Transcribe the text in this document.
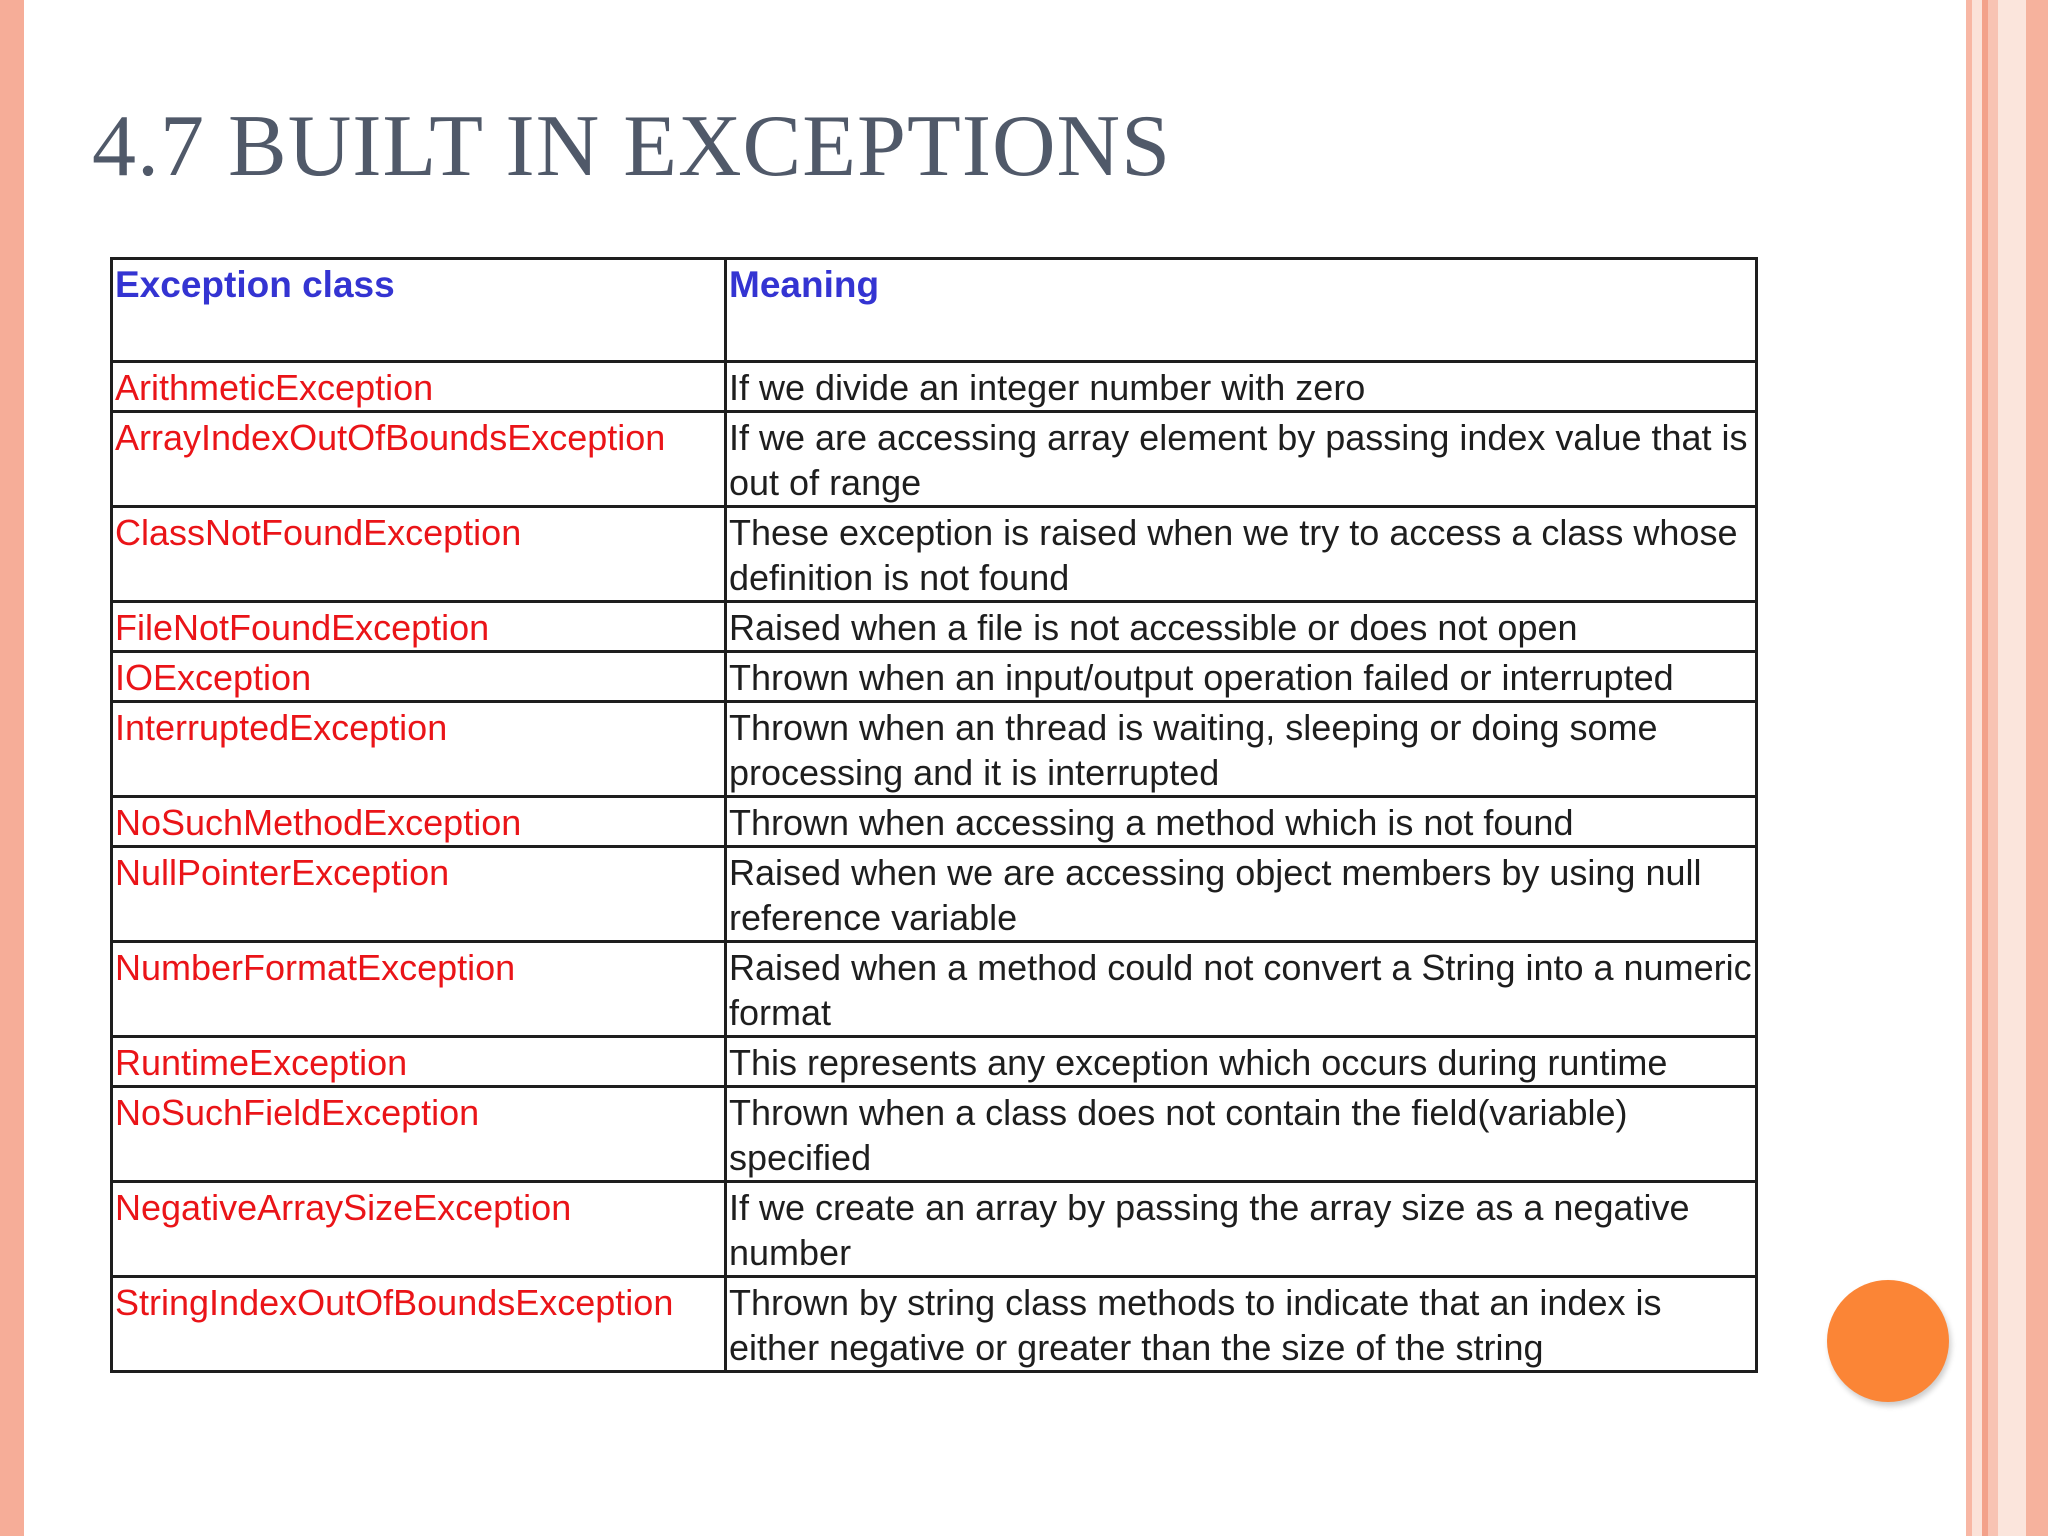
4.7 BUILT IN EXCEPTIONS
Exception class	Meaning
ArithmeticException	If we divide an integer number with zero
ArrayIndexOutOfBoundsException	If we are accessing array element by passing index value that is out of range
ClassNotFoundException	These exception is raised when we try to access a class whose definition is not found
FileNotFoundException	Raised when a file is not accessible or does not open
IOException	Thrown when an input/output operation failed or interrupted
InterruptedException	Thrown when an thread is waiting, sleeping or doing some processing and it is interrupted
NoSuchMethodException	Thrown when accessing a method which is not found
NullPointerException	Raised when we are accessing object members by using null reference variable
NumberFormatException	Raised when a method could not convert a String into a numeric format
RuntimeException	This represents any exception which occurs during runtime
NoSuchFieldException	Thrown when a class does not contain the field(variable) specified
NegativeArraySizeException	If we create an array by passing the array size as a negative number
StringIndexOutOfBoundsException	Thrown by string class methods to indicate that an index is either negative or greater than the size of the string
